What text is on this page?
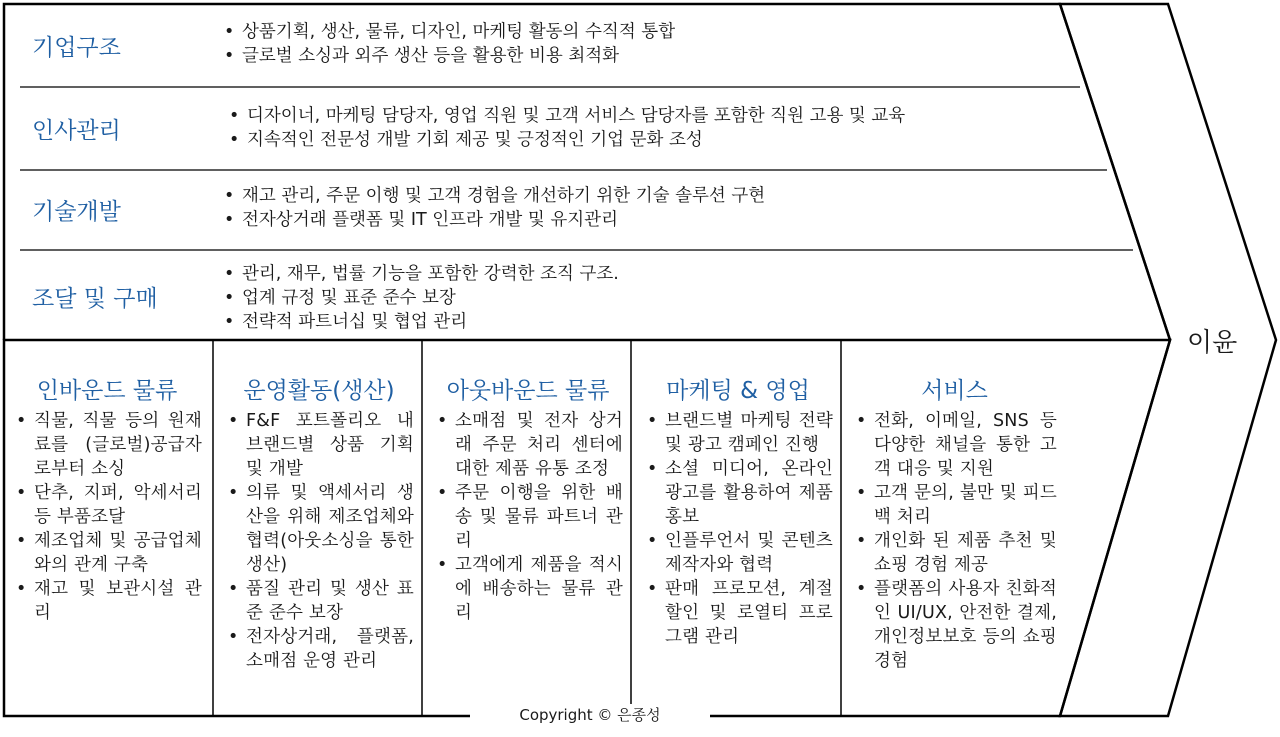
기업구조
• 상품기획, 생산, 물류, 디자인, 마케팅 활동의 수직적 통합
• 글로벌 소싱과 외주 생산 등을 활용한 비용 최적화
인사관리
• 디자이너, 마케팅 담당자, 영업 직원 및 고객 서비스 담당자를 포함한 직원 고용 및 교육
• 지속적인 전문성 개발 기회 제공 및 긍정적인 기업 문화 조성
기술개발
• 재고 관리, 주문 이행 및 고객 경험을 개선하기 위한 기술 솔루션 구현
• 전자상거래 플랫폼 및 IT 인프라 개발 및 유지관리
조달 및 구매
• 관리, 재무, 법률 기능을 포함한 강력한 조직 구조.
• 업계 규정 및 표준 준수 보장
• 전략적 파트너십 및 협업 관리
인바운드 물류
• 직물, 직물 등의 원재료를 (글로벌)공급자로부터 소싱
• 단추, 지퍼, 악세서리 등 부품조달
• 제조업체 및 공급업체와의 관계 구축
• 재고 및 보관시설 관리
운영활동(생산)
• F&F 포트폴리오 내 브랜드별 상품 기획 및 개발
• 의류 및 액세서리 생산을 위해 제조업체와 협력(아웃소싱을 통한 생산)
• 품질 관리 및 생산 표준 준수 보장
• 전자상거래, 플랫폼, 소매점 운영 관리
아웃바운드 물류
• 소매점 및 전자 상거래 주문 처리 센터에 대한 제품 유통 조정
• 주문 이행을 위한 배송 및 물류 파트너 관리
• 고객에게 제품을 적시에 배송하는 물류 관리
마케팅 & 영업
• 브랜드별 마케팅 전략 및 광고 캠페인 진행
• 소셜 미디어, 온라인 광고를 활용하여 제품 홍보
• 인플루언서 및 콘텐츠 제작자와 협력
• 판매 프로모션, 계절 할인 및 로열티 프로그램 관리
서비스
• 전화, 이메일, SNS 등 다양한 채널을 통한 고객 대응 및 지원
• 고객 문의, 불만 및 피드백 처리
• 개인화 된 제품 추천 및 쇼핑 경험 제공
• 플랫폼의 사용자 친화적인 UI/UX, 안전한 결제, 개인정보보호 등의 쇼핑 경험
이윤
Copyright © 은종성
